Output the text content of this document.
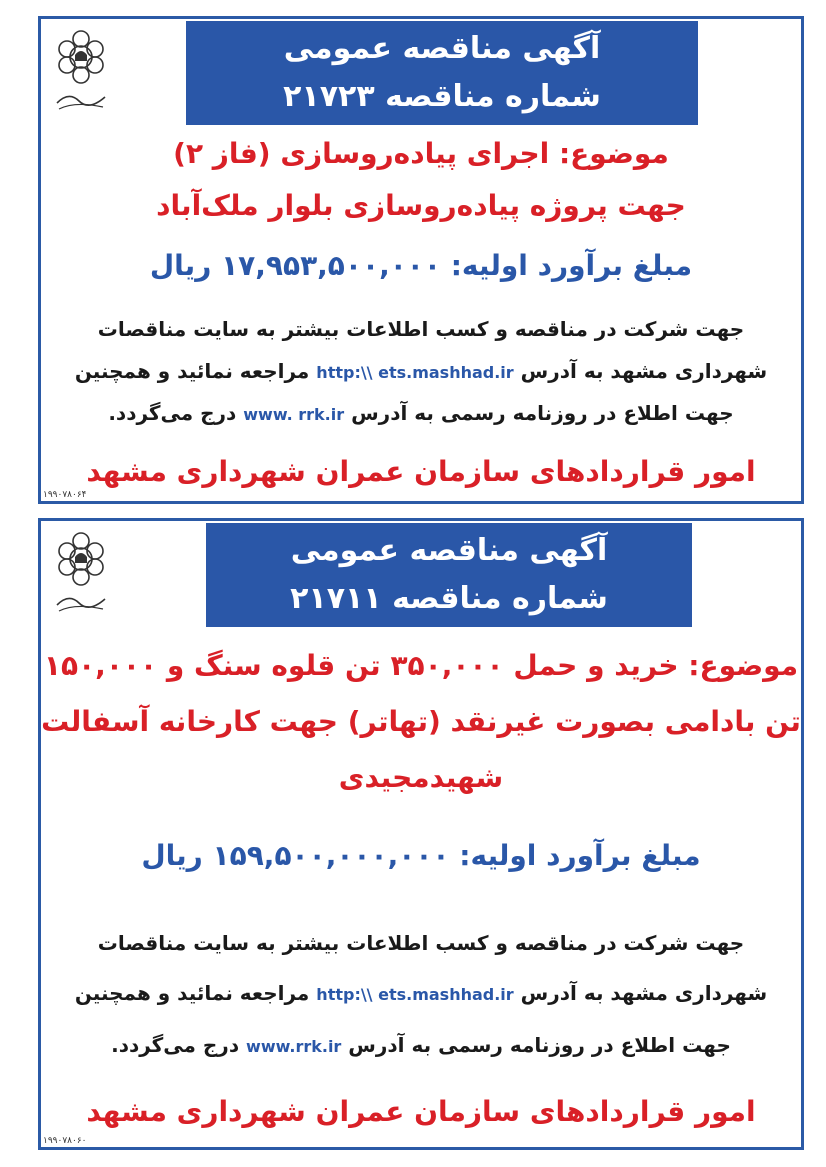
آگهی مناقصه عمومی
شماره مناقصه ۲۱۷۲۳
موضوع: اجرای پیاده‌روسازی (فاز ۲)
جهت پروژه پیاده‌روسازی بلوار ملک‌آباد
مبلغ برآورد اولیه: ۱۷,۹۵۳,۵۰۰,۰۰۰ ریال
جهت شرکت در مناقصه و کسب اطلاعات بیشتر به سایت مناقصات
شهرداری مشهد به آدرس http:\\ ets.mashhad.ir مراجعه نمائید و همچنین
جهت اطلاع در روزنامه رسمی به آدرس www. rrk.ir درج می‌گردد.
امور قراردادهای سازمان عمران شهرداری مشهد
۱۹۹۰۷۸۰۶۴
آگهی مناقصه عمومی
شماره مناقصه ۲۱۷۱۱
موضوع: خرید و حمل ۳۵۰,۰۰۰ تن قلوه سنگ و ۱۵۰,۰۰۰
تن بادامی بصورت غیرنقد (تهاتر) جهت کارخانه آسفالت
شهیدمجیدی
مبلغ برآورد اولیه: ۱۵۹,۵۰۰,۰۰۰,۰۰۰ ریال
جهت شرکت در مناقصه و کسب اطلاعات بیشتر به سایت مناقصات
شهرداری مشهد به آدرس http:\\ ets.mashhad.ir مراجعه نمائید و همچنین
جهت اطلاع در روزنامه رسمی به آدرس www.rrk.ir درج می‌گردد.
امور قراردادهای سازمان عمران شهرداری مشهد
۱۹۹۰۷۸۰۶۰
